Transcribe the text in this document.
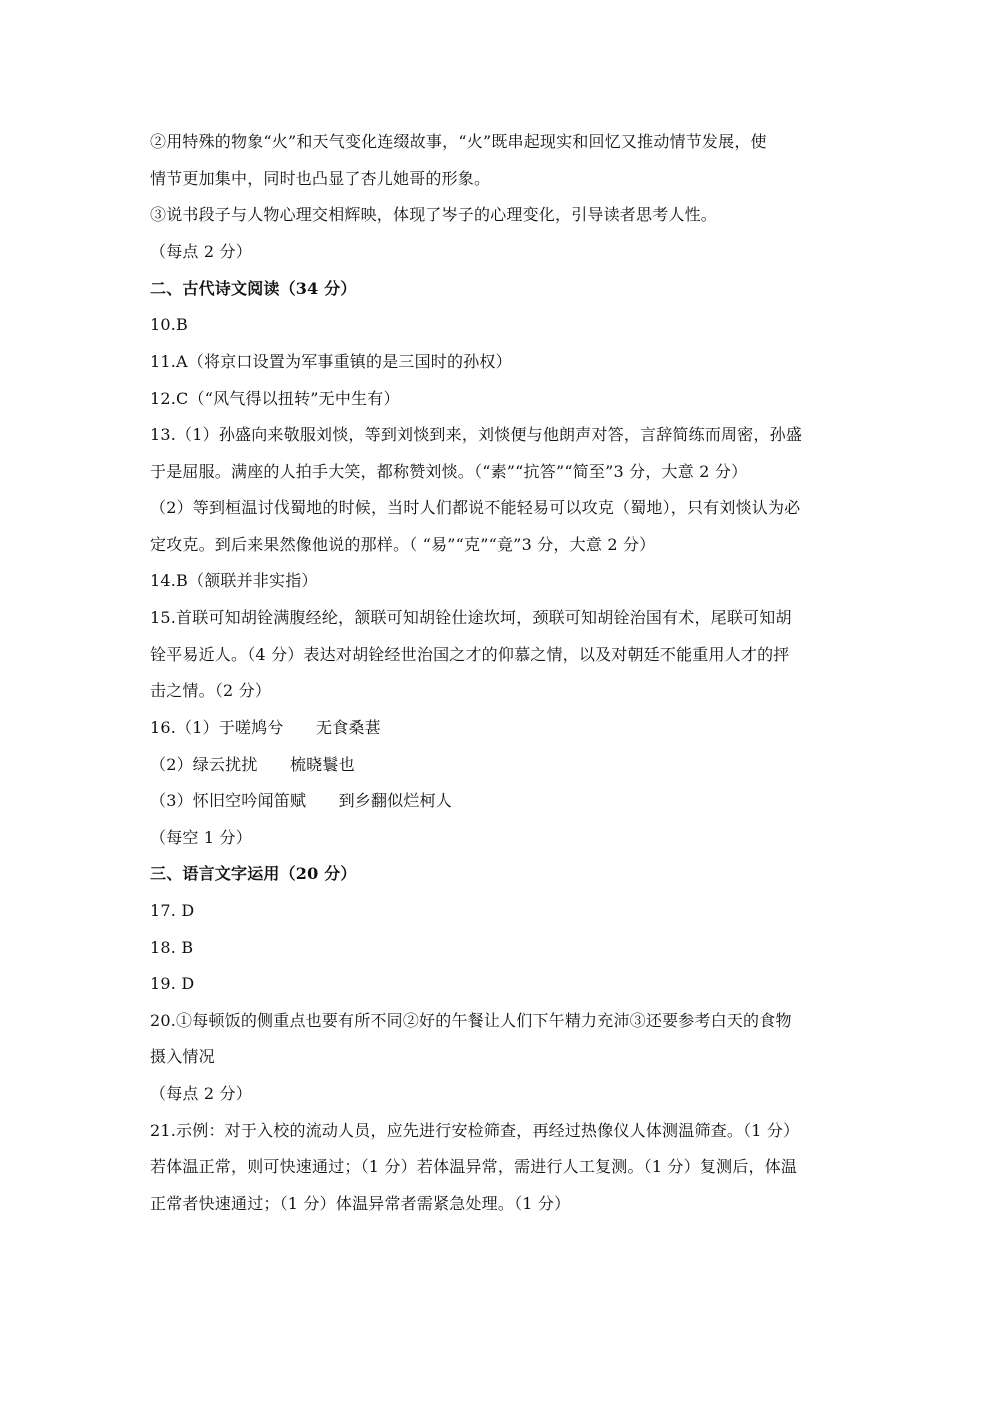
②用特殊的物象“火”和天气变化连缀故事，“火”既串起现实和回忆又推动情节发展，使
情节更加集中，同时也凸显了杏儿她哥的形象。
③说书段子与人物心理交相辉映，体现了岑子的心理变化，引导读者思考人性。
（每点 2 分）
二、古代诗文阅读（34 分）
10.B
11.A（将京口设置为军事重镇的是三国时的孙权）
12.C（“风气得以扭转”无中生有）
13.（1）孙盛向来敬服刘惔，等到刘惔到来，刘惔便与他朗声对答，言辞简练而周密，孙盛
于是屈服。满座的人拍手大笑，都称赞刘惔。（“素”“抗答”“简至”3 分，大意 2 分）
（2）等到桓温讨伐蜀地的时候，当时人们都说不能轻易可以攻克（蜀地），只有刘惔认为必
定攻克。到后来果然像他说的那样。（ “易”“克”“竟”3 分，大意 2 分）
14.B（颔联并非实指）
15.首联可知胡铨满腹经纶，颔联可知胡铨仕途坎坷，颈联可知胡铨治国有术，尾联可知胡
铨平易近人。（4 分）表达对胡铨经世治国之才的仰慕之情，以及对朝廷不能重用人才的抨
击之情。（2 分）
16.（1）于嗟鸠兮　　无食桑葚
（2）绿云扰扰　　梳晓鬟也
（3）怀旧空吟闻笛赋　　到乡翻似烂柯人
（每空 1 分）
三、语言文字运用（20 分）
17. D
18. B
19. D
20.①每顿饭的侧重点也要有所不同②好的午餐让人们下午精力充沛③还要参考白天的食物
摄入情况
（每点 2 分）
21.示例：对于入校的流动人员，应先进行安检筛查，再经过热像仪人体测温筛查。（1 分）
若体温正常，则可快速通过；（1 分）若体温异常，需进行人工复测。（1 分）复测后，体温
正常者快速通过；（1 分）体温异常者需紧急处理。（1 分）
